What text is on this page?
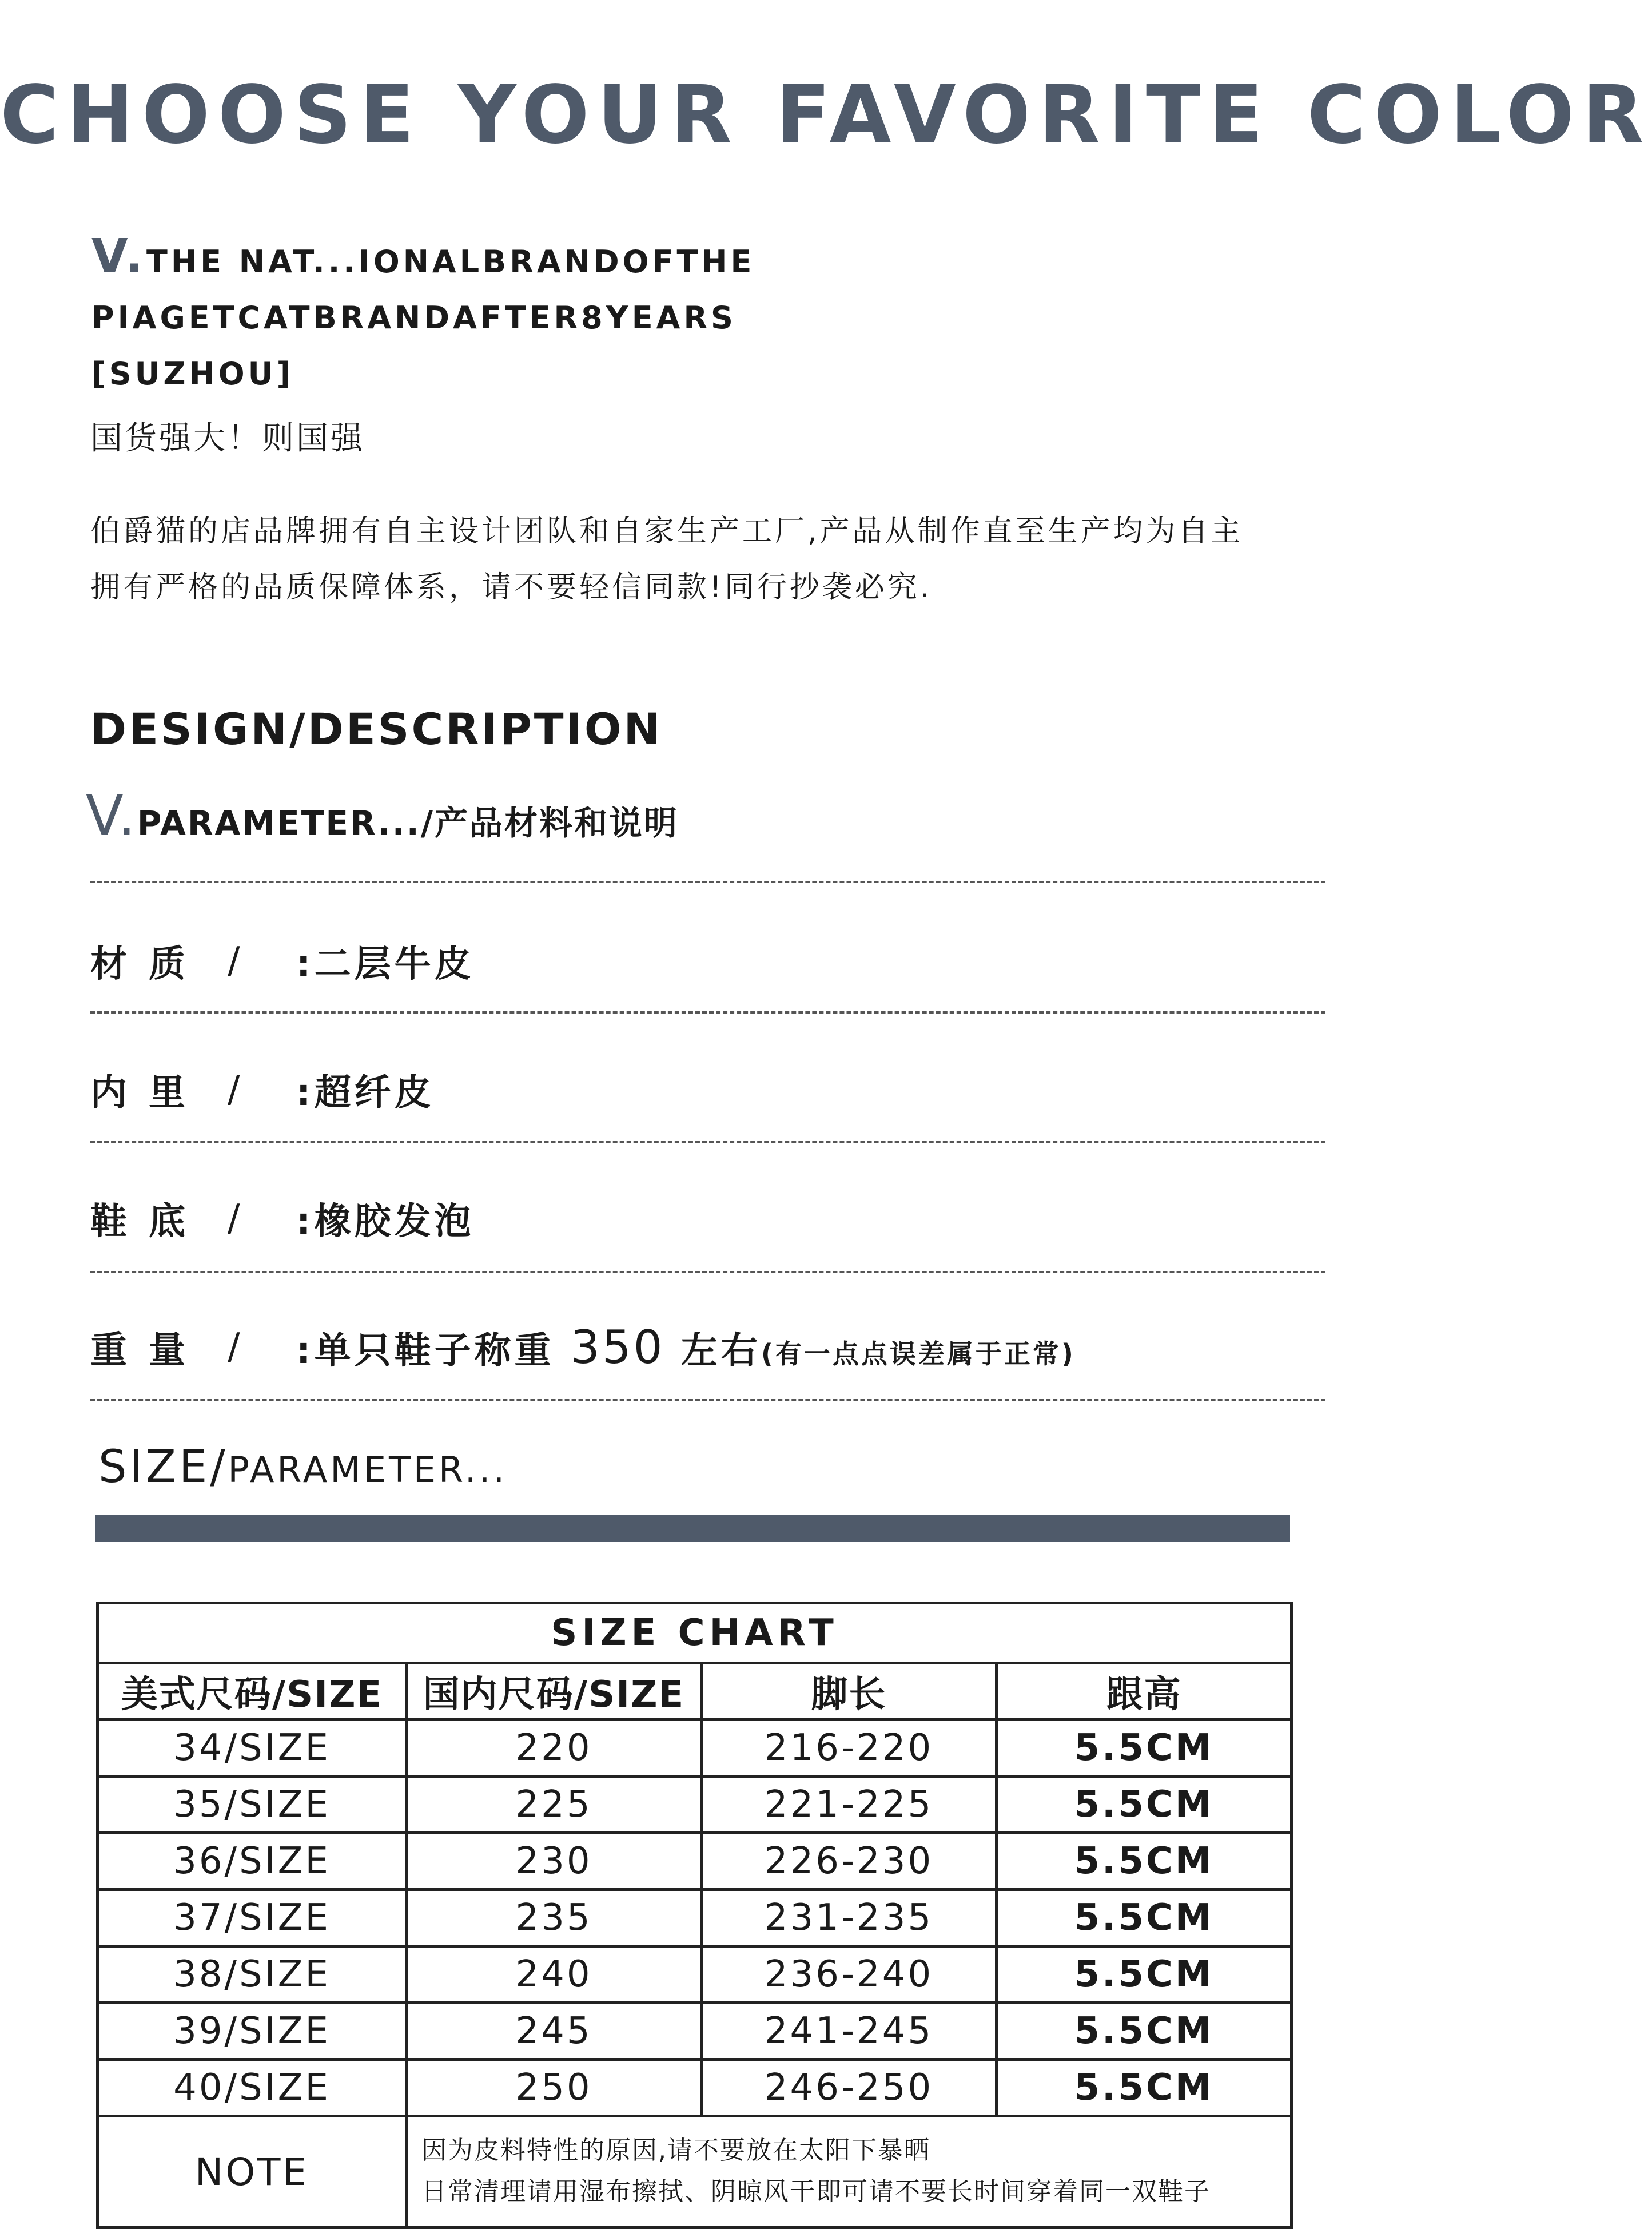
CHOOSE YOUR FAVORITE COLOR
V.THE NAT...IONALBRANDOFTHE
PIAGETCATBRANDAFTER8YEARS
[SUZHOU]
国货强大！则国强
伯爵猫的店品牌拥有自主设计团队和自家生产工厂,产品从制作直至生产均为自主
拥有严格的品质保障体系，请不要轻信同款!同行抄袭必究.
DESIGN/DESCRIPTION
V.PARAMETER.../产品材料和说明
材质 /	:二层牛皮
内里 /	:超纤皮
鞋底 /	:橡胶发泡
重量 /	:单只鞋子称重 350 左右(有一点点误差属于正常)
SIZE/PARAMETER...
SIZE CHART			
美式尺码/SIZE	国内尺码/SIZE	脚长	跟高
34/SIZE	220	216-220	5.5CM
35/SIZE	225	221-225	5.5CM
36/SIZE	230	226-230	5.5CM
37/SIZE	235	231-235	5.5CM
38/SIZE	240	236-240	5.5CM
39/SIZE	245	241-245	5.5CM
40/SIZE	250	246-250	5.5CM
NOTE	因为皮料特性的原因,请不要放在太阳下暴晒
日常清理请用湿布擦拭、阴晾风干即可请不要长时间穿着同一双鞋子		
